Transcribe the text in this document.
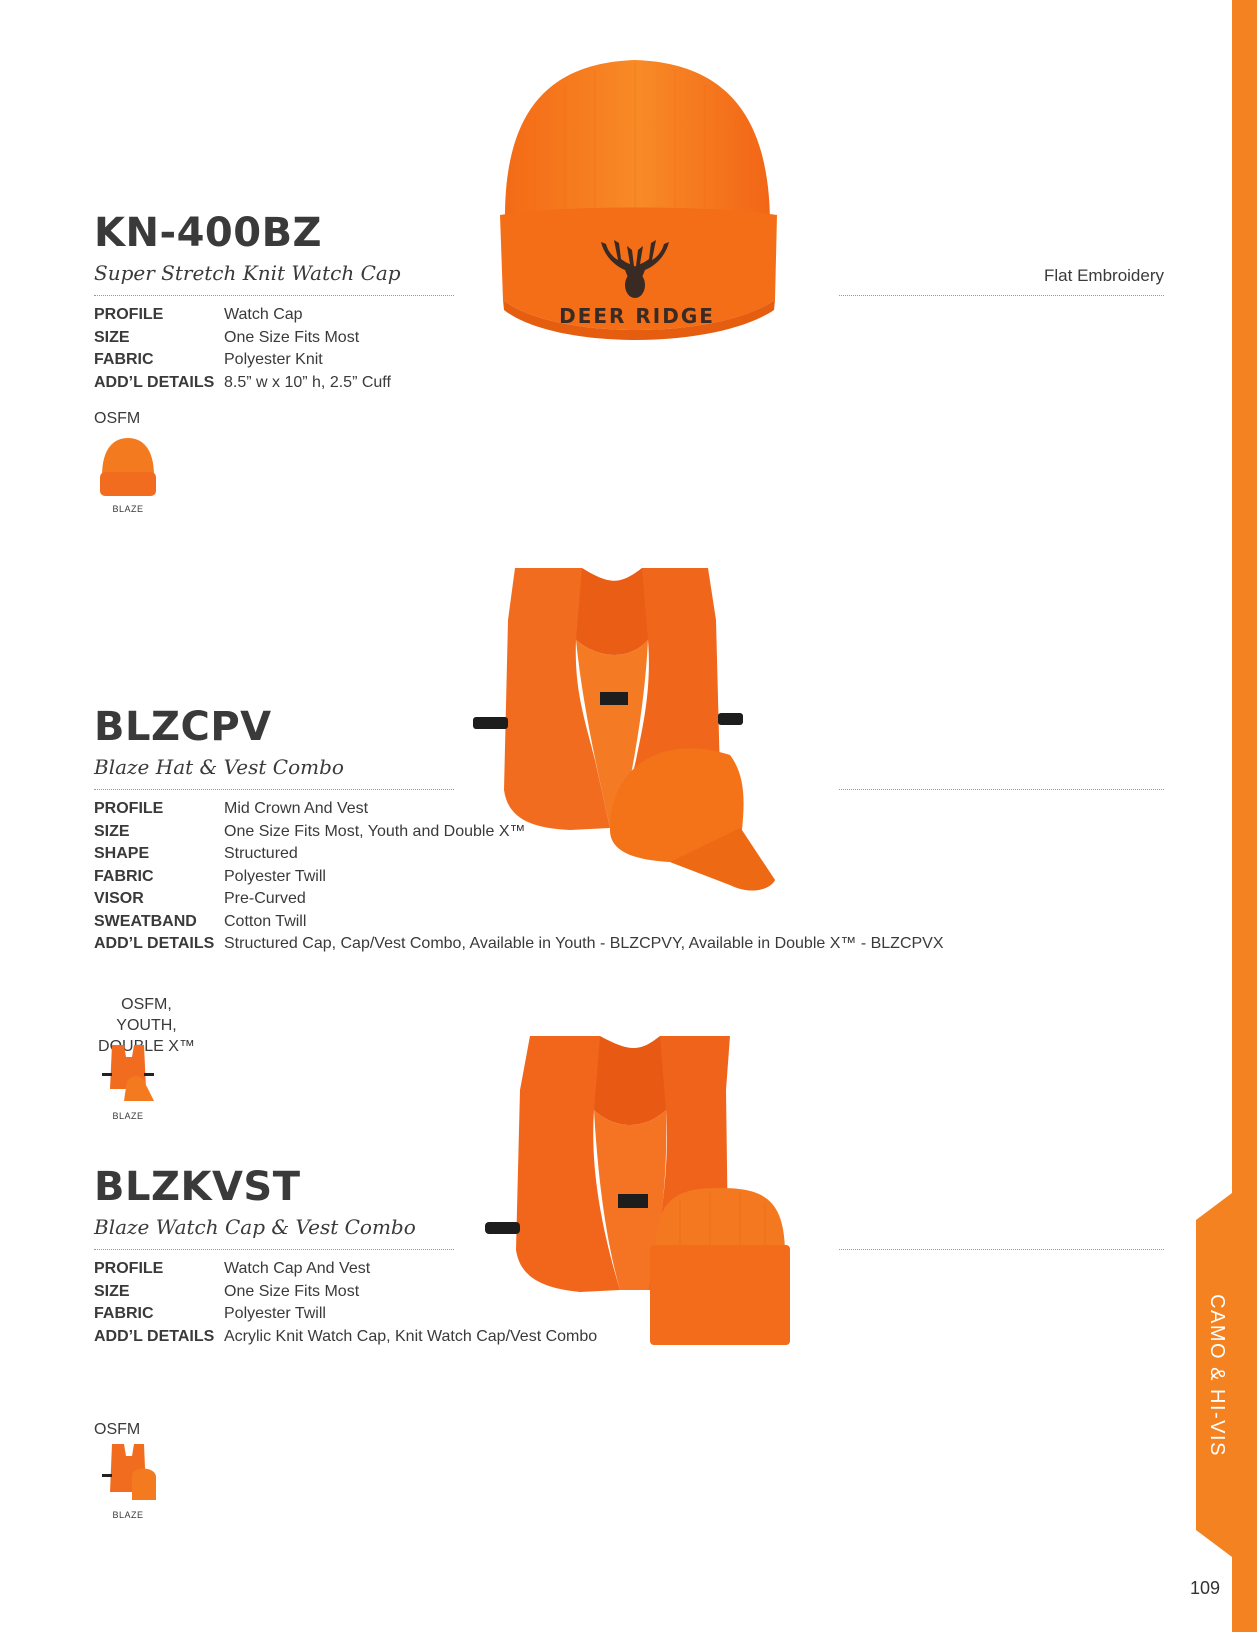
CAMO & HI-VIS
109
KN-400BZ
Super Stretch Knit Watch Cap	Flat Embroidery
PROFILE	Watch Cap
SIZE	One Size Fits Most
FABRIC	Polyester Knit
ADD’L DETAILS 8.5” w x 10” h, 2.5” Cuff
OSFM
BLAZE
DEER RIDGE
BLZCPV
Blaze Hat & Vest Combo
PROFILE	Mid Crown And Vest
SIZE	One Size Fits Most, Youth and Double X™
SHAPE	Structured
FABRIC	Polyester Twill
VISOR	Pre-Curved
SWEATBAND	Cotton Twill
ADD’L DETAILS Structured Cap, Cap/Vest Combo, Available in Youth - BLZCPVY, Available in Double X™ - BLZCPVX
OSFM, YOUTH,
DOUBLE X™
BLAZE
BLZKVST
Blaze Watch Cap & Vest Combo
PROFILE	Watch Cap And Vest
SIZE	One Size Fits Most
FABRIC	Polyester Twill
ADD’L DETAILS Acrylic Knit Watch Cap, Knit Watch Cap/Vest Combo
OSFM
BLAZE
